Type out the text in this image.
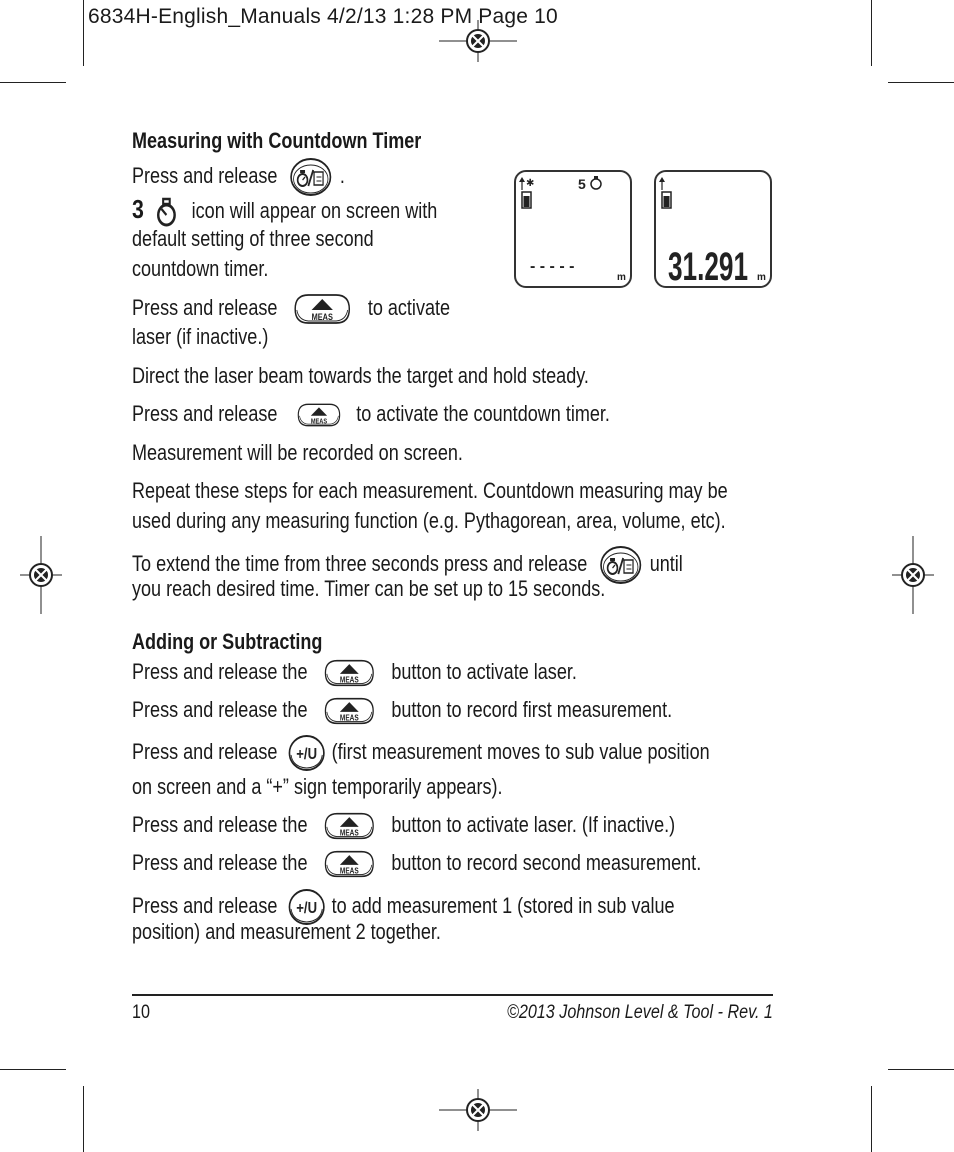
6834H-English_Manuals 4/2/13 1:28 PM Page 10
Measuring with Countdown Timer
Press and release	.
3 icon will appear on screen with
default setting of three second
countdown timer.
Press and release	to activate
laser (if inactive.)
Direct the laser beam towards the target and hold steady.
Press and release	to activate the countdown timer.
Measurement will be recorded on screen.
Repeat these steps for each measurement. Countdown measuring may be
used during any measuring function (e.g. Pythagorean, area, volume, etc).
To extend the time from three seconds press and release	until
you reach desired time. Timer can be set up to 15 seconds.
✱	5
- - - - -
m 31.291 m
Adding or Subtracting
Press and release the	button to activate laser.
Press and release the	button to record first measurement.
Press and release (first measurement moves to sub value position
on screen and a “+” sign temporarily appears).
Press and release the	button to activate laser. (If inactive.)
Press and release the	button to record second measurement.
Press and release to add measurement 1 (stored in sub value
position) and measurement 2 together.
10	©2013 Johnson Level & Tool - Rev. 1
